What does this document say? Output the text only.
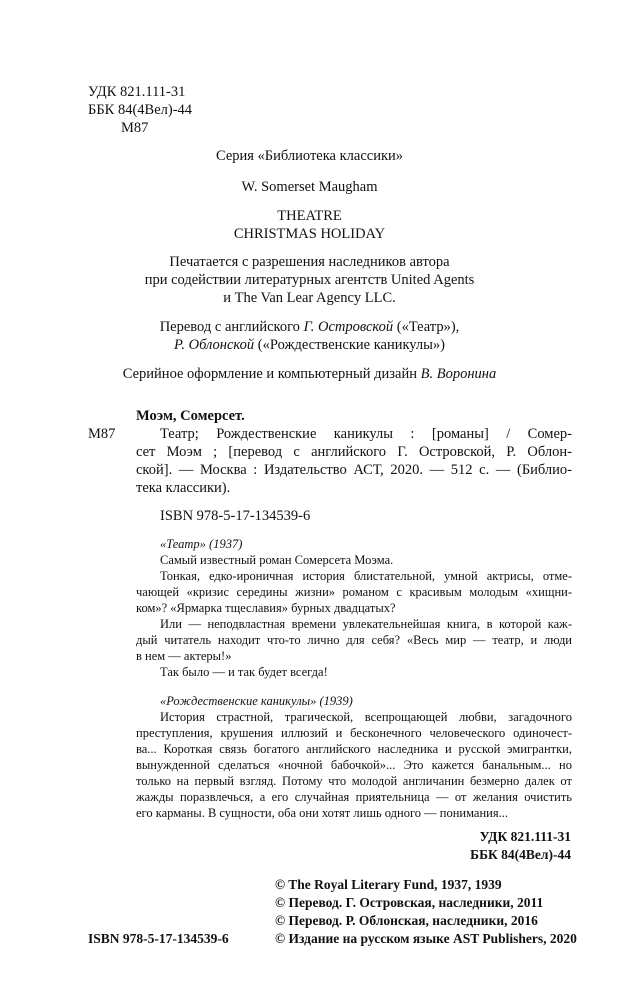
УДК 821.111-31
ББК 84(4Вел)-44
М87
Серия «Библиотека классики»
W. Somerset Maugham
THEATRE
CHRISTMAS HOLIDAY
Печатается с разрешения наследников автора
при содействии литературных агентств United Agents
и The Van Lear Agency LLC.
Перевод с английского Г. Островской («Театр»),
Р. Облонской («Рождественские каникулы»)
Серийное оформление и компьютерный дизайн В. Воронина
Моэм, Сомерсет.
М87	Театр; Рождественские каникулы : [романы] / Сомер-
сет Моэм ; [перевод с английского Г. Островской, Р. Облон-
ской]. — Москва : Издательство АСТ, 2020. — 512 с. — (Библио-
тека классики).
ISBN 978-5-17-134539-6
«Театр» (1937)
Самый известный роман Сомерсета Моэма.
Тонкая, едко-ироничная история блистательной, умной актрисы, отме-
чающей «кризис середины жизни» романом с красивым молодым «хищни-
ком»? «Ярмарка тщеславия» бурных двадцатых?
Или — неподвластная времени увлекательнейшая книга, в которой каж-
дый читатель находит что-то лично для себя? «Весь мир — театр, и люди
в нем — актеры!»
Так было — и так будет всегда!
«Рождественские каникулы» (1939)
История страстной, трагической, всепрощающей любви, загадочного
преступления, крушения иллюзий и бесконечного человеческого одиночест-
ва... Короткая связь богатого английского наследника и русской эмигрантки,
вынужденной сделаться «ночной бабочкой»... Это кажется банальным... но
только на первый взгляд. Потому что молодой англичанин безмерно далек от
жажды поразвлечься, а его случайная приятельница — от желания очистить
его карманы. В сущности, оба они хотят лишь одного — понимания...
УДК 821.111-31
ББК 84(4Вел)-44
© The Royal Literary Fund, 1937, 1939
© Перевод. Г. Островская, наследники, 2011
© Перевод. Р. Облонская, наследники, 2016
© Издание на русском языке AST Publishers, 2020
ISBN 978-5-17-134539-6
